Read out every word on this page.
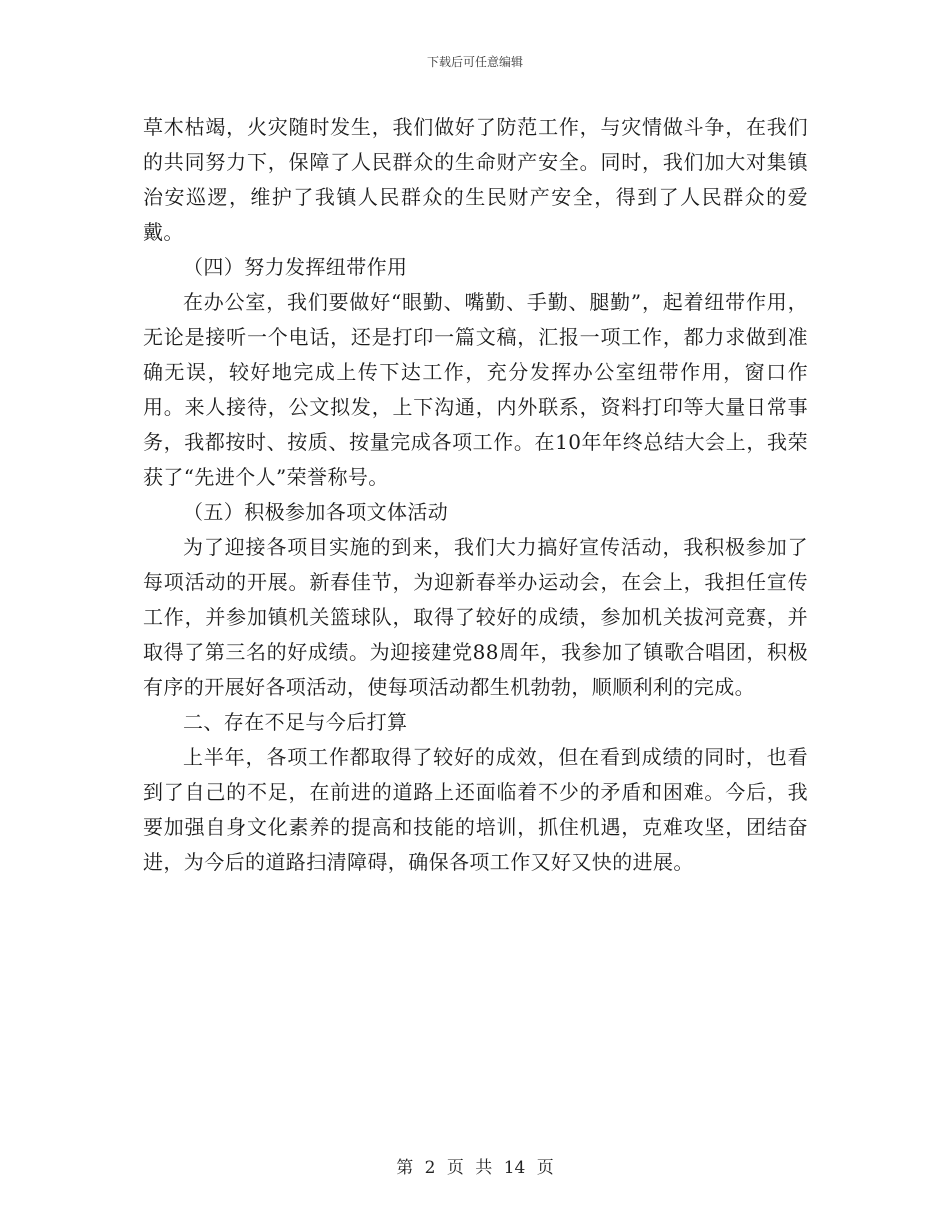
下载后可任意编辑

草木枯竭，火灾随时发生，我们做好了防范工作，与灾情做斗争，在我们的共同努力下，保障了人民群众的生命财产安全。同时，我们加大对集镇治安巡逻，维护了我镇人民群众的生民财产安全，得到了人民群众的爱戴。

（四）努力发挥纽带作用

在办公室，我们要做好“眼勤、嘴勤、手勤、腿勤”，起着纽带作用，无论是接听一个电话，还是打印一篇文稿，汇报一项工作，都力求做到准确无误，较好地完成上传下达工作，充分发挥办公室纽带作用，窗口作用。来人接待，公文拟发，上下沟通，内外联系，资料打印等大量日常事务，我都按时、按质、按量完成各项工作。在10年年终总结大会上，我荣获了“先进个人”荣誉称号。

（五）积极参加各项文体活动

为了迎接各项目实施的到来，我们大力搞好宣传活动，我积极参加了每项活动的开展。新春佳节，为迎新春举办运动会，在会上，我担任宣传工作，并参加镇机关篮球队，取得了较好的成绩，参加机关拔河竞赛，并取得了第三名的好成绩。为迎接建党88周年，我参加了镇歌合唱团，积极有序的开展好各项活动，使每项活动都生机勃勃，顺顺利利的完成。

二、存在不足与今后打算

上半年，各项工作都取得了较好的成效，但在看到成绩的同时，也看到了自己的不足，在前进的道路上还面临着不少的矛盾和困难。今后，我要加强自身文化素养的提高和技能的培训，抓住机遇，克难攻坚，团结奋进，为今后的道路扫清障碍，确保各项工作又好又快的进展。

第 2 页 共 14 页
